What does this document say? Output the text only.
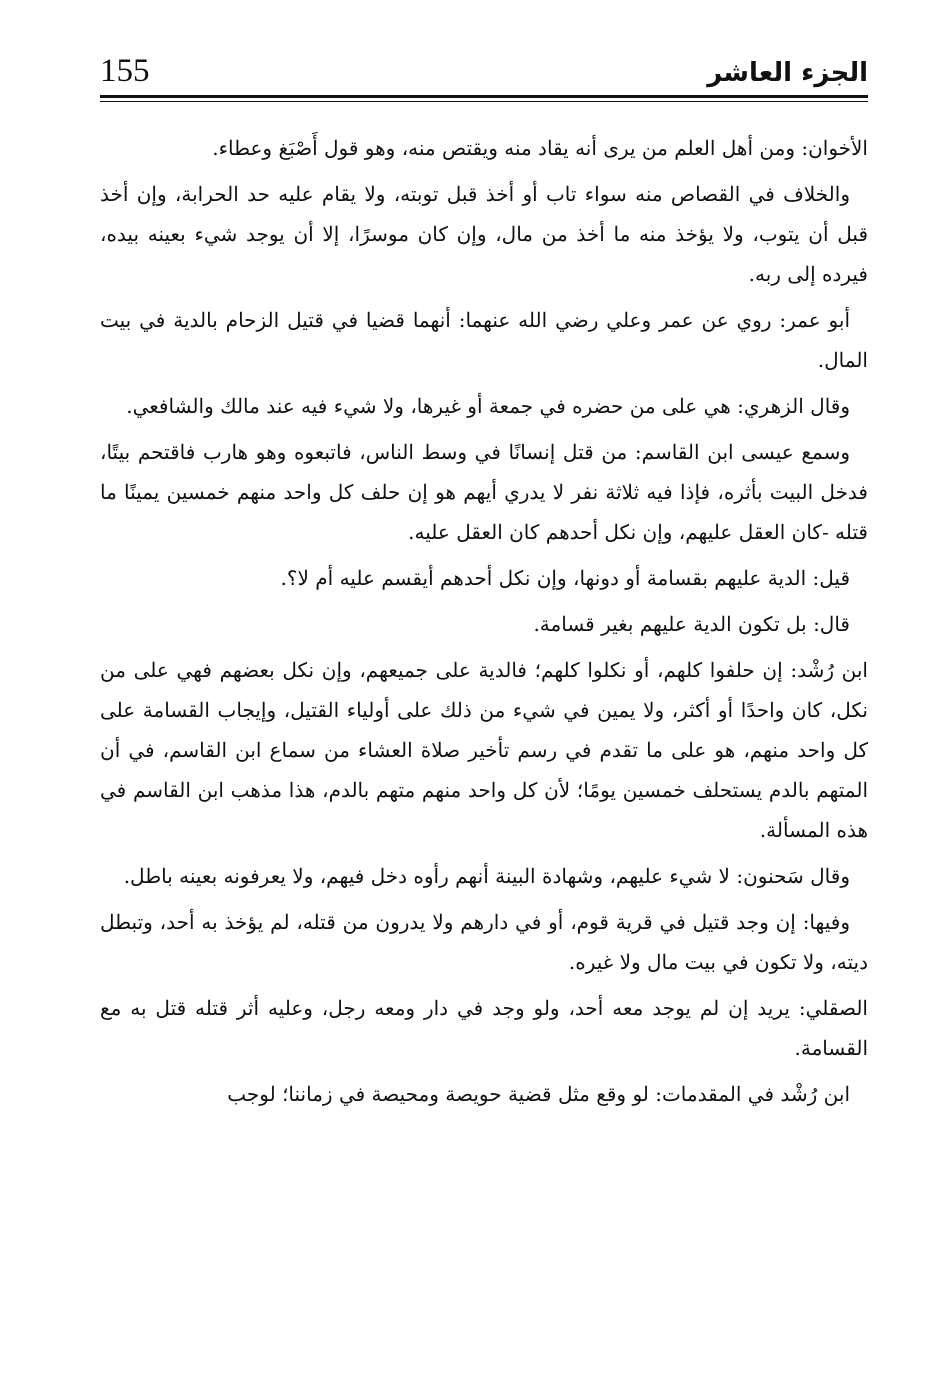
الجزء العاشر
155

الأخوان: ومن أهل العلم من يرى أنه يقاد منه ويقتص منه، وهو قول أَصْبَغ وعطاء.

والخلاف في القصاص منه سواء تاب أو أخذ قبل توبته، ولا يقام عليه حد الحرابة، وإن أخذ قبل أن يتوب، ولا يؤخذ منه ما أخذ من مال، وإن كان موسرًا، إلا أن يوجد شيء بعينه بيده، فيرده إلى ربه.

أبو عمر: روي عن عمر وعلي رضي الله عنهما: أنهما قضيا في قتيل الزحام بالدية في بيت المال.

وقال الزهري: هي على من حضره في جمعة أو غيرها، ولا شيء فيه عند مالك والشافعي.

وسمع عيسى ابن القاسم: من قتل إنسانًا في وسط الناس، فاتبعوه وهو هارب فاقتحم بيتًا، فدخل البيت بأثره، فإذا فيه ثلاثة نفر لا يدري أيهم هو إن حلف كل واحد منهم خمسين يمينًا ما قتله -كان العقل عليهم، وإن نكل أحدهم كان العقل عليه.

قيل: الدية عليهم بقسامة أو دونها، وإن نكل أحدهم أيقسم عليه أم لا؟.

قال: بل تكون الدية عليهم بغير قسامة.

ابن رُشْد: إن حلفوا كلهم، أو نكلوا كلهم؛ فالدية على جميعهم، وإن نكل بعضهم فهي على من نكل، كان واحدًا أو أكثر، ولا يمين في شيء من ذلك على أولياء القتيل، وإيجاب القسامة على كل واحد منهم، هو على ما تقدم في رسم تأخير صلاة العشاء من سماع ابن القاسم، في أن المتهم بالدم يستحلف خمسين يومًا؛ لأن كل واحد منهم متهم بالدم، هذا مذهب ابن القاسم في هذه المسألة.

وقال سَحنون: لا شيء عليهم، وشهادة البينة أنهم رأوه دخل فيهم، ولا يعرفونه بعينه باطل.

وفيها: إن وجد قتيل في قرية قوم، أو في دارهم ولا يدرون من قتله، لم يؤخذ به أحد، وتبطل ديته، ولا تكون في بيت مال ولا غيره.

الصقلي: يريد إن لم يوجد معه أحد، ولو وجد في دار ومعه رجل، وعليه أثر قتله قتل به مع القسامة.

ابن رُشْد في المقدمات: لو وقع مثل قضية حويصة ومحيصة في زماننا؛ لوجب
